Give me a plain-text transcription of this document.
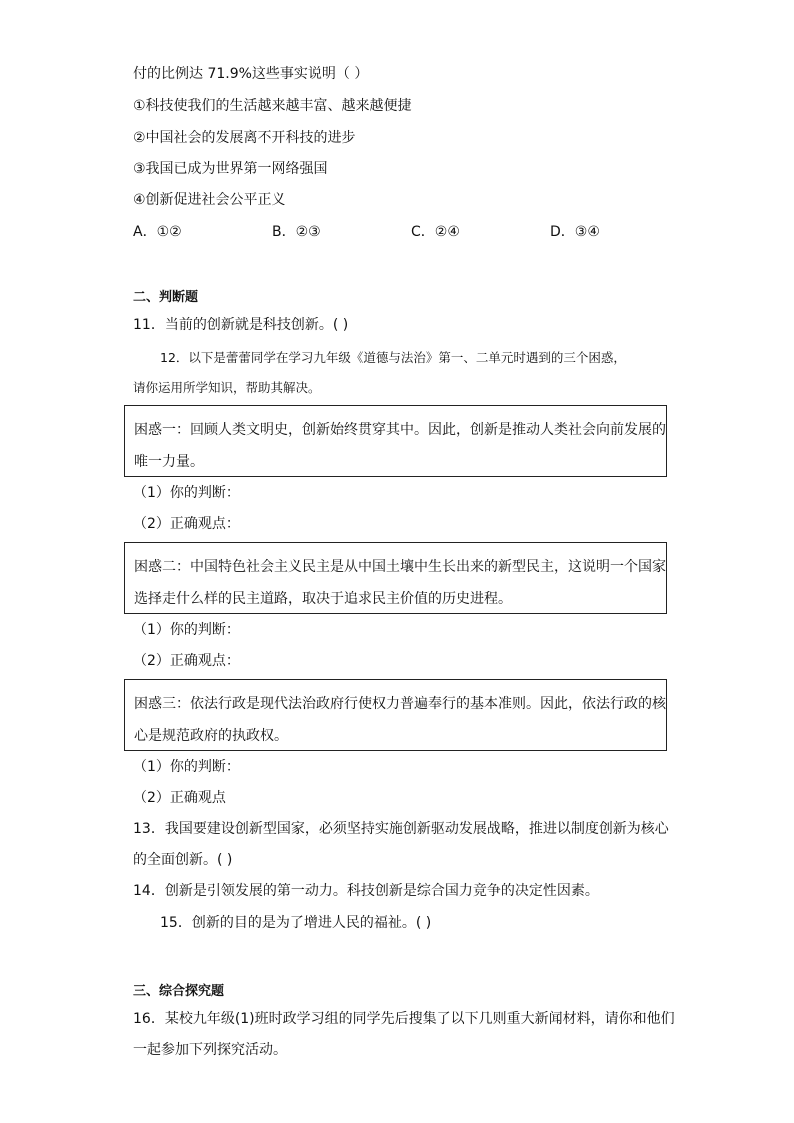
付的比例达 71.9%这些事实说明（ ）
①科技使我们的生活越来越丰富、越来越便捷
②中国社会的发展离不开科技的进步
③我国已成为世界第一网络强国
④创新促进社会公平正义
A．①②	B．②③	C．②④	D．③④
二、判断题
11．当前的创新就是科技创新。( )
12．以下是蕾蕾同学在学习九年级《道德与法治》第一、二单元时遇到的三个困惑，
请你运用所学知识，帮助其解决。

困惑一：回顾人类文明史，创新始终贯穿其中。因此，创新是推动人类社会向前发展的

唯一力量。

（1）你的判断：
（2）正确观点：

困惑二：中国特色社会主义民主是从中国土壤中生长出来的新型民主，这说明一个国家

选择走什么样的民主道路，取决于追求民主价值的历史进程。

（1）你的判断：
（2）正确观点：

困惑三：依法行政是现代法治政府行使权力普遍奉行的基本准则。因此，依法行政的核

心是规范政府的执政权。

（1）你的判断：
（2）正确观点
13．我国要建设创新型国家，必须坚持实施创新驱动发展战略，推进以制度创新为核心
的全面创新。( )
14．创新是引领发展的第一动力。科技创新是综合国力竞争的决定性因素。
15．创新的目的是为了增进人民的福祉。( )
三、综合探究题
16．某校九年级(1)班时政学习组的同学先后搜集了以下几则重大新闻材料，请你和他们
一起参加下列探究活动。
